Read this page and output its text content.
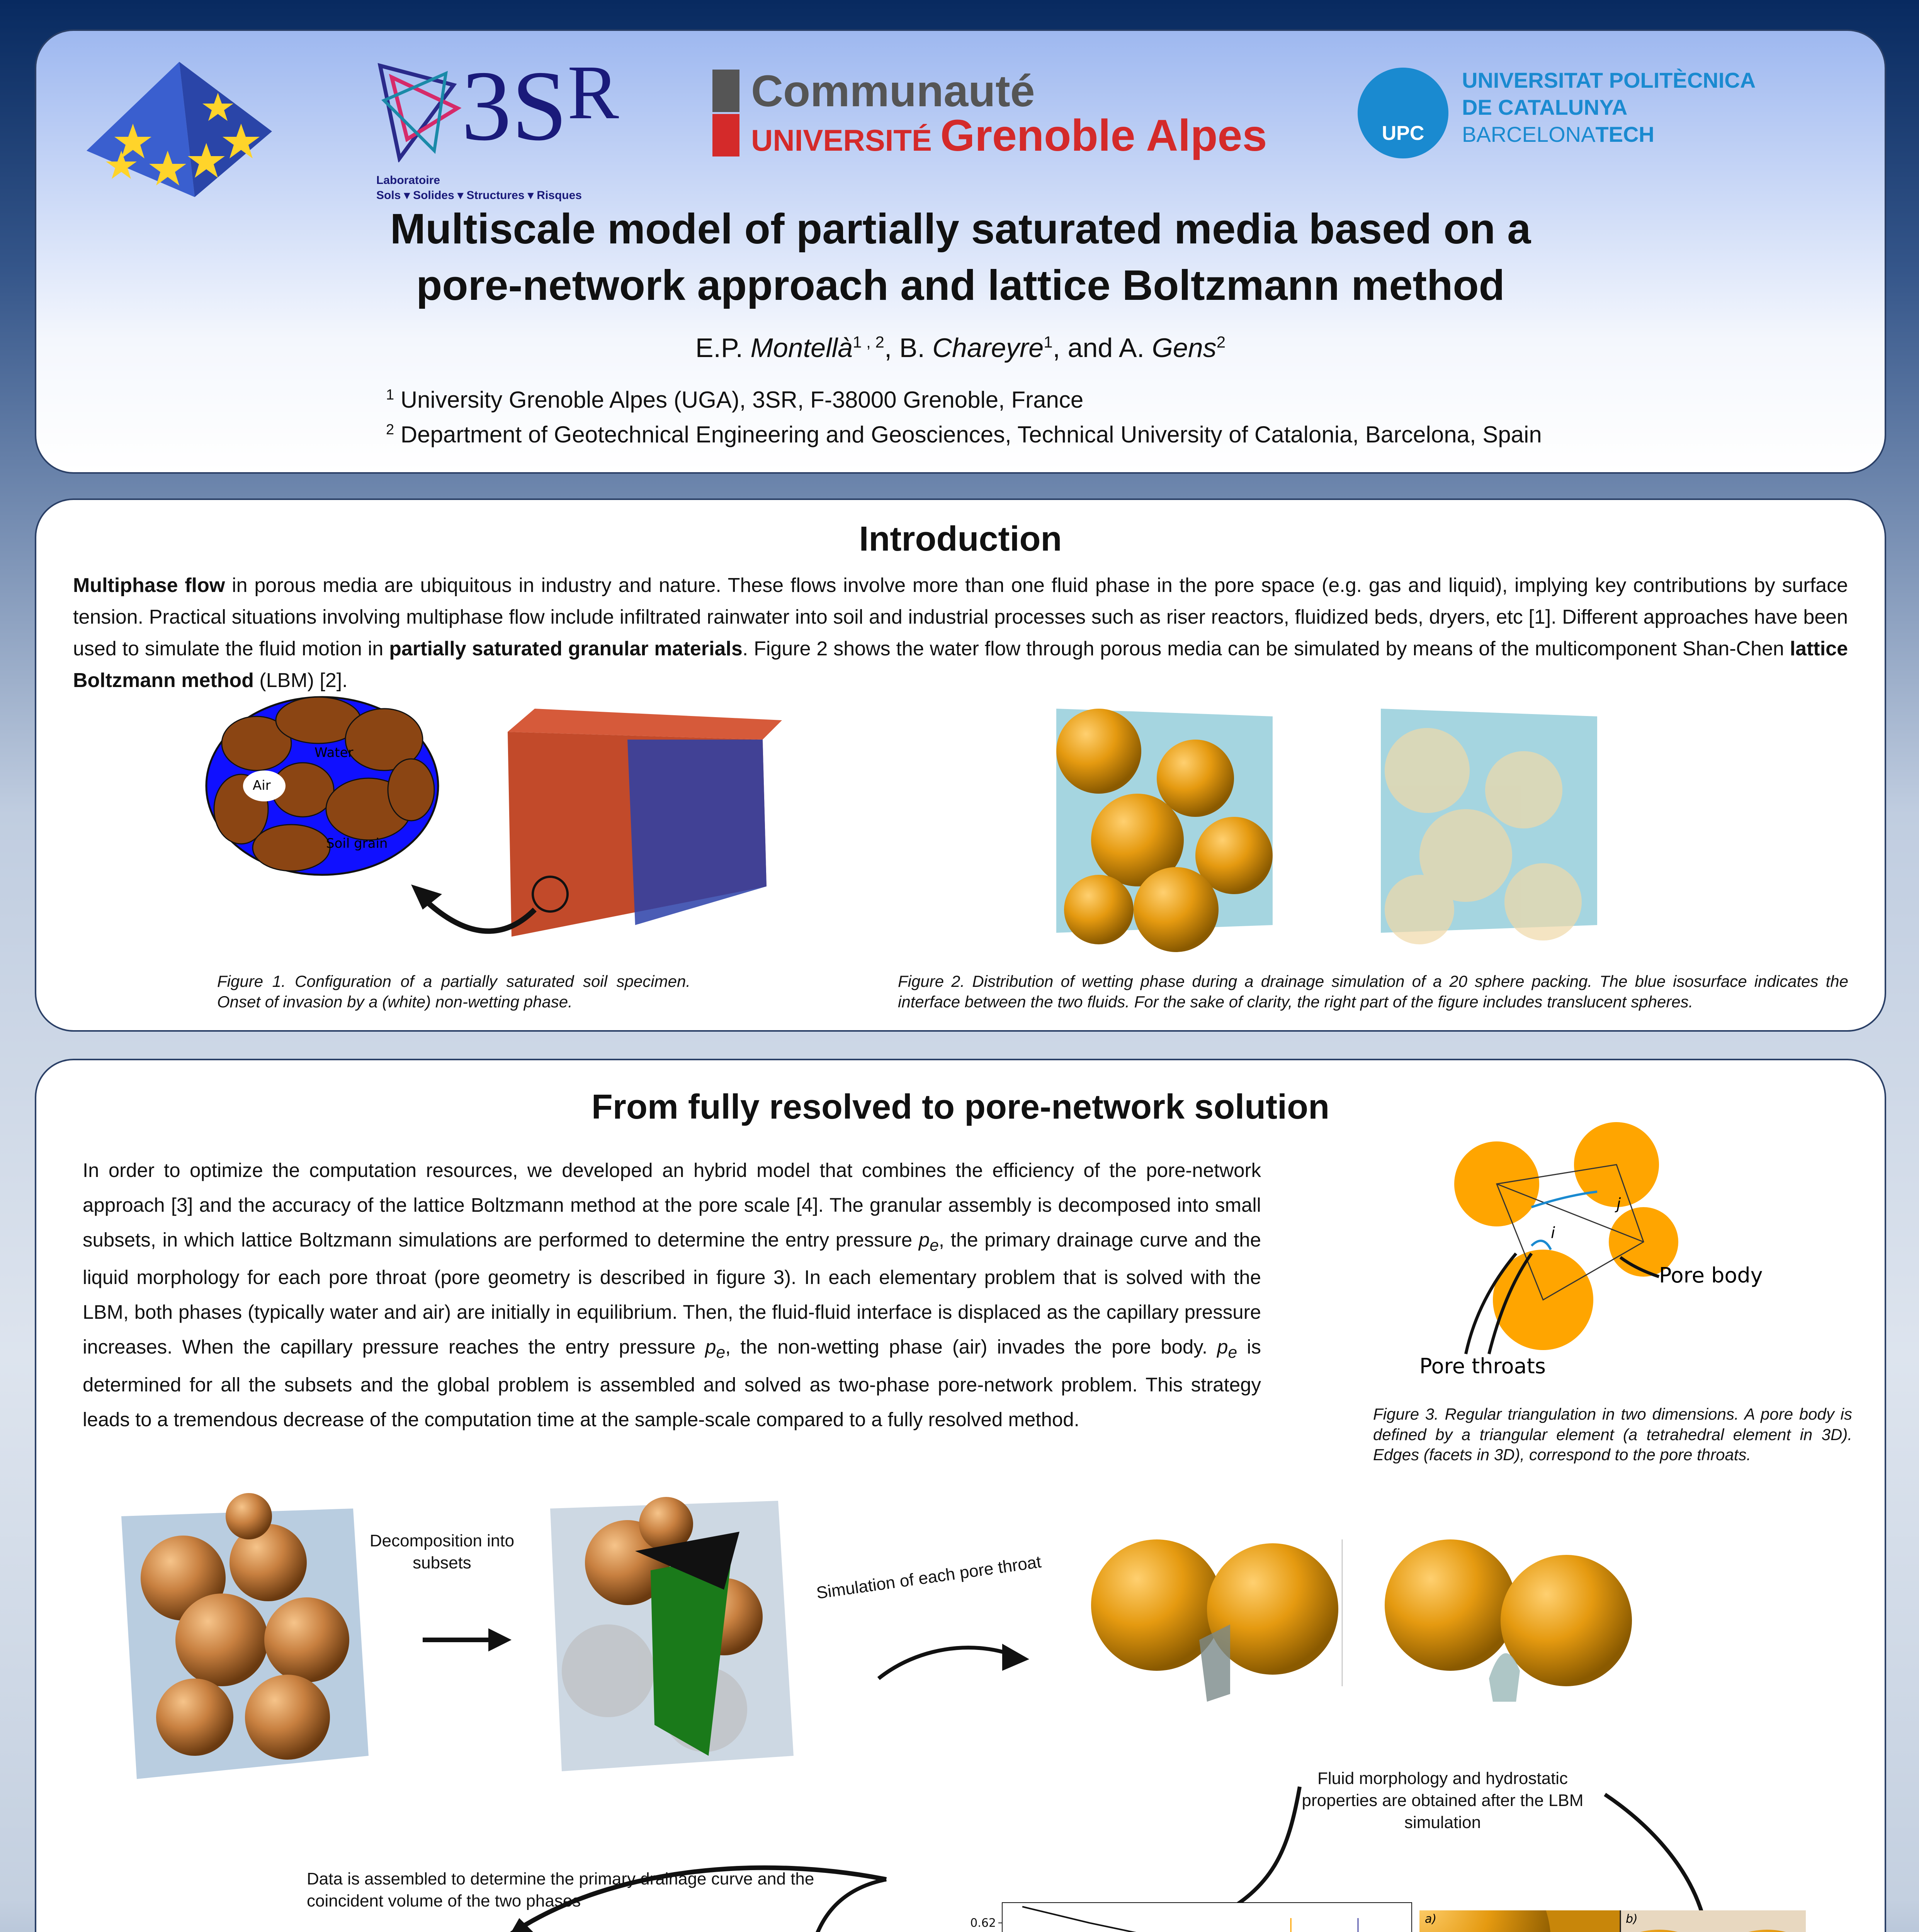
$3S^R$
Laboratoire
Sols ▾ Solides ▾ Structures ▾ Risques
Communauté
UNIVERSITÉ Grenoble Alpes	UPC
UNIVERSITAT POLITÈCNICA
DE CATALUNYA
BARCELONATECH
Multiscale model of partially saturated media based on a
pore-network approach and lattice Boltzmann method
E.P. Montellà$^{1 , 2}$, B. Chareyre$^1$, and A. Gens$^2$
$^1$ University Grenoble Alpes (UGA), 3SR, F-38000 Grenoble, France
$^2$ Department of Geotechnical Engineering and Geosciences, Technical University of Catalonia, Barcelona, Spain
Introduction
Multiphase flow in porous media are ubiquitous in industry and nature. These flows involve more than one fluid phase in the pore space (e.g. gas and liquid), implying key contributions by surface tension. Practical situations involving multiphase flow include infiltrated rainwater into soil and industrial processes such as riser reactors, fluidized beds, dryers, etc [1]. Different approaches have been used to simulate the fluid motion in partially saturated granular materials. Figure 2 shows the water flow through porous media can be simulated by means of the multicomponent Shan-Chen lattice Boltzmann method (LBM) [2].
Water
Air
Soil grain
Figure 1. Configuration of a partially saturated soil specimen. Onset of invasion by a (white) non-wetting phase.
Figure 2. Distribution of wetting phase during a drainage simulation of a 20 sphere packing. The blue isosurface indicates the interface between the two fluids. For the sake of clarity, the right part of the figure includes translucent spheres.
From fully resolved to pore-network solution
In order to optimize the computation resources, we developed an hybrid model that combines the efficiency of the pore-network approach [3] and the accuracy of the lattice Boltzmann method at the pore scale [4]. The granular assembly is decomposed into small subsets, in which lattice Boltzmann simulations are performed to determine the entry pressure $p_e$, the primary drainage curve and the liquid morphology for each pore throat (pore geometry is described in figure 3). In each elementary problem that is solved with the LBM, both phases (typically water and air) are initially in equilibrium. Then, the fluid-fluid interface is displaced as the capillary pressure increases. When the capillary pressure reaches the entry pressure $p_e$, the non-wetting phase (air) invades the pore body. $p_e$ is determined for all the subsets and the global problem is assembled and solved as two-phase pore-network problem. This strategy leads to a tremendous decrease of the computation time at the sample-scale compared to a fully resolved method.
i
j
Pore body
Pore throats
Figure 3. Regular triangulation in two dimensions. A pore body is defined by a triangular element (a tetrahedral element in 3D). Edges (facets in 3D), correspond to the pore throats.
Decomposition into subsets	Simulation of each pore throat
Fluid morphology and hydrostatic properties are obtained after the LBM simulation
Data is assembled to determine the primary drainage curve and the coincident volume of the two phases
0.62	a)	b)
